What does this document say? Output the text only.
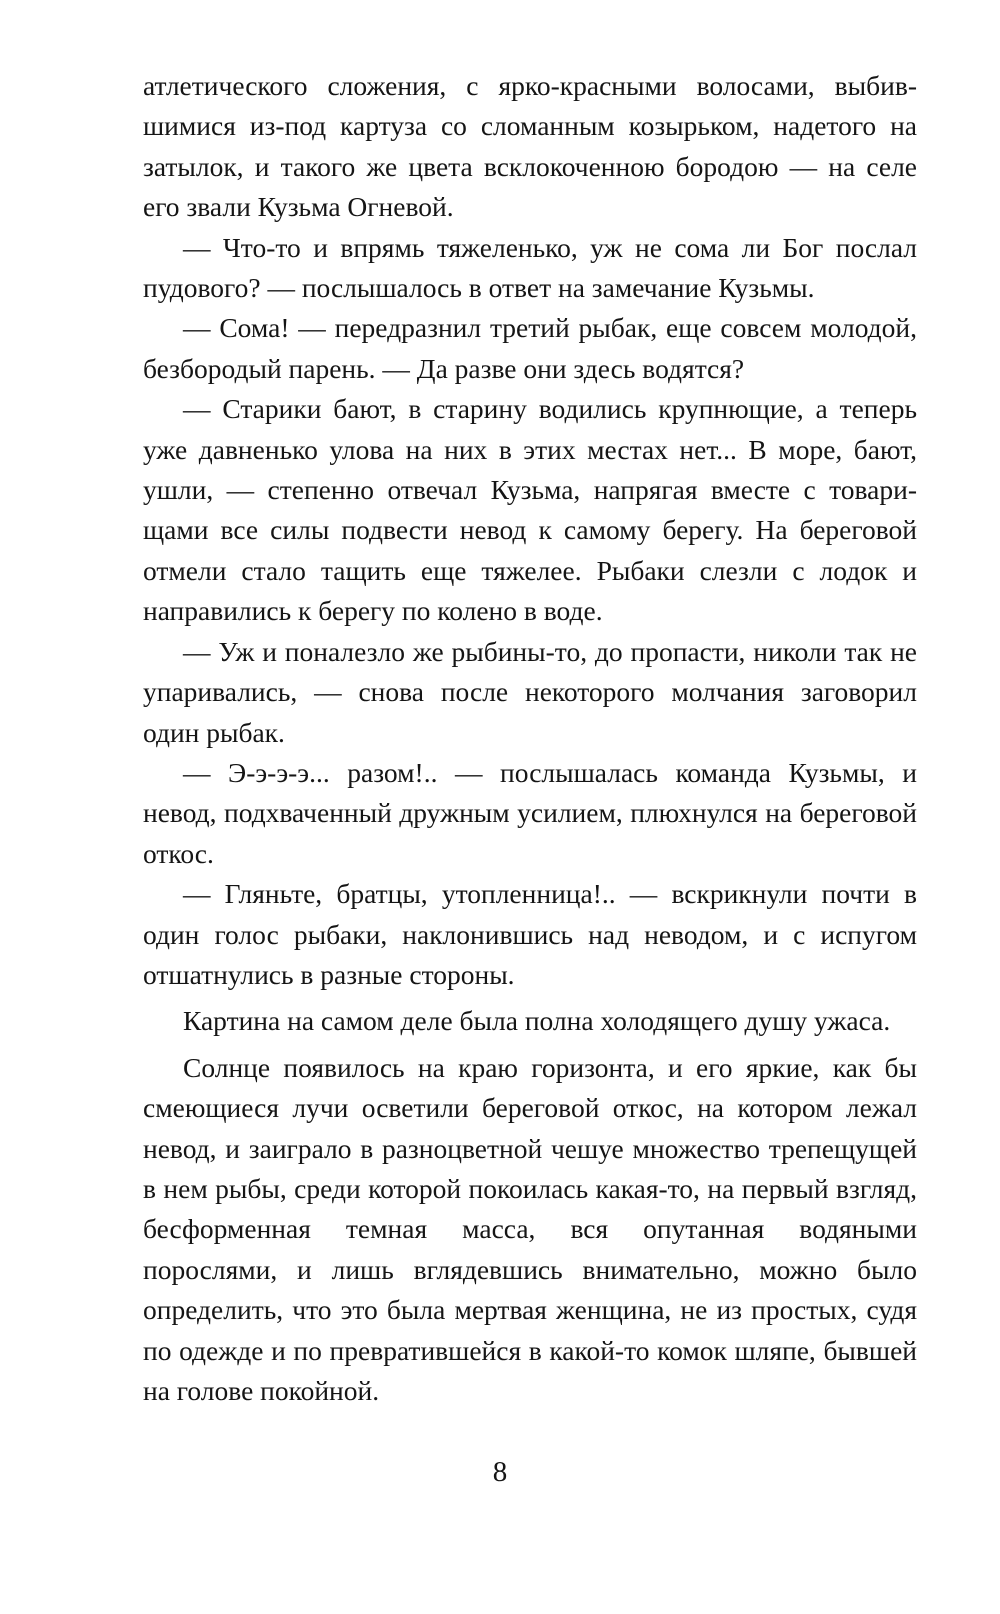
атлетического сложения, с ярко-красными волосами, выбившимися из-под картуза со сломанным козырьком, надетого на затылок, и такого же цвета всклокоченною бородою — на селе его звали Кузьма Огневой.

— Что-то и впрямь тяжеленько, уж не сома ли Бог послал пудового? — послышалось в ответ на замечание Кузьмы.

— Сома! — передразнил третий рыбак, еще совсем молодой, безбородый парень. — Да разве они здесь водятся?

— Старики бают, в старину водились крупнющие, а теперь уже давненько улова на них в этих местах нет... В море, бают, ушли, — степенно отвечал Кузьма, напрягая вместе с товарищами все силы подвести невод к самому берегу. На береговой отмели стало тащить еще тяжелее. Рыбаки слезли с лодок и направились к берегу по колено в воде.

— Уж и поналезло же рыбины-то, до пропасти, николи так не упаривались, — снова после некоторого молчания заговорил один рыбак.

— Э-э-э-э... разом!.. — послышалась команда Кузьмы, и невод, подхваченный дружным усилием, плюхнулся на береговой откос.

— Гляньте, братцы, утопленница!.. — вскрикнули почти в один голос рыбаки, наклонившись над неводом, и с испугом отшатнулись в разные стороны.

Картина на самом деле была полна холодящего душу ужаса.

Солнце появилось на краю горизонта, и его яркие, как бы смеющиеся лучи осветили береговой откос, на котором лежал невод, и заиграло в разноцветной чешуе множество трепещущей в нем рыбы, среди которой покоилась какая-то, на первый взгляд, бесформенная темная масса, вся опутанная водяными порослями, и лишь вглядевшись внимательно, можно было определить, что это была мертвая женщина, не из простых, судя по одежде и по превратившейся в какой-то комок шляпе, бывшей на голове покойной.

8
